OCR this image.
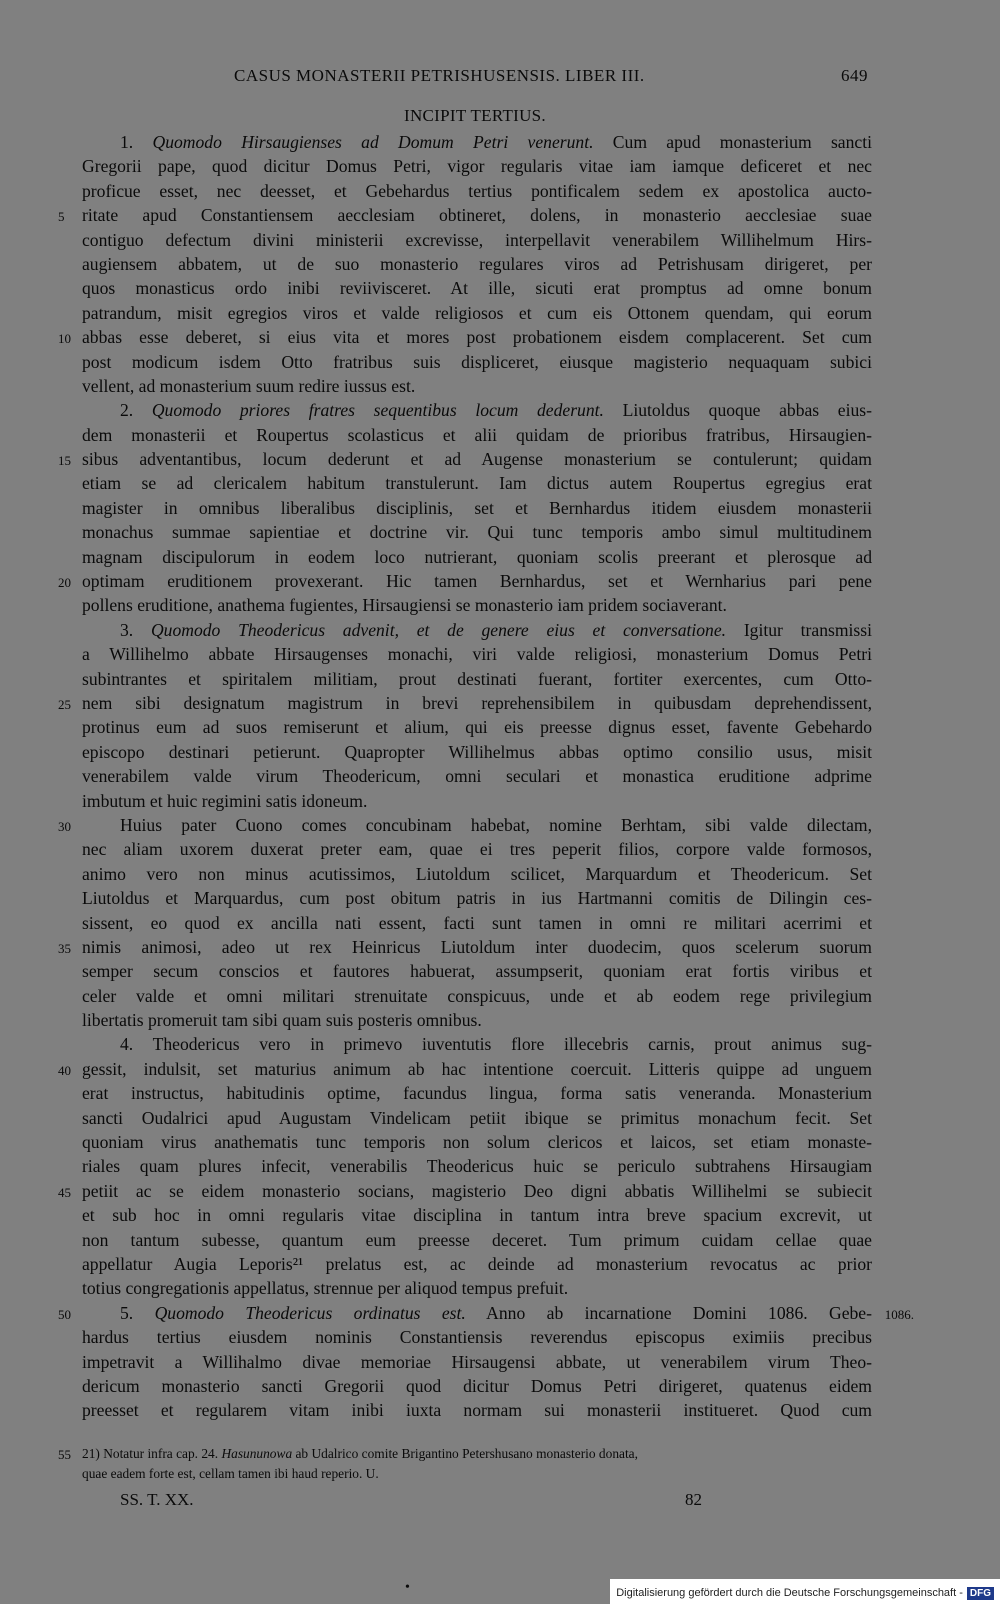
CASUS MONASTERII PETRISHUSENSIS. LIBER III.	649
INCIPIT TERTIUS.
1. Quomodo Hirsaugienses ad Domum Petri venerunt. Cum apud monasterium sancti
Gregorii pape, quod dicitur Domus Petri, vigor regularis vitae iam iamque deficeret et nec
proficue esset, nec deesset, et Gebehardus tertius pontificalem sedem ex apostolica aucto-
5 ritate apud Constantiensem aecclesiam obtineret, dolens, in monasterio aecclesiae suae
contiguo defectum divini ministerii excrevisse, interpellavit venerabilem Willihelmum Hirs-
augiensem abbatem, ut de suo monasterio regulares viros ad Petrishusam dirigeret, per
quos monasticus ordo inibi reviivisceret. At ille, sicuti erat promptus ad omne bonum
patrandum, misit egregios viros et valde religiosos et cum eis Ottonem quendam, qui eorum
10 abbas esse deberet, si eius vita et mores post probationem eisdem complacerent. Set cum
post modicum isdem Otto fratribus suis displiceret, eiusque magisterio nequaquam subici
vellent, ad monasterium suum redire iussus est.
2. Quomodo priores fratres sequentibus locum dederunt. Liutoldus quoque abbas eius-
dem monasterii et Roupertus scolasticus et alii quidam de prioribus fratribus, Hirsaugien-
15 sibus adventantibus, locum dederunt et ad Augense monasterium se contulerunt; quidam
etiam se ad clericalem habitum transtulerunt. Iam dictus autem Roupertus egregius erat
magister in omnibus liberalibus disciplinis, set et Bernhardus itidem eiusdem monasterii
monachus summae sapientiae et doctrine vir. Qui tunc temporis ambo simul multitudinem
magnam discipulorum in eodem loco nutrierant, quoniam scolis preerant et plerosque ad
20 optimam eruditionem provexerant. Hic tamen Bernhardus, set et Wernharius pari pene
pollens eruditione, anathema fugientes, Hirsaugiensi se monasterio iam pridem sociaverant.
3. Quomodo Theodericus advenit, et de genere eius et conversatione. Igitur transmissi
a Willihelmo abbate Hirsaugenses monachi, viri valde religiosi, monasterium Domus Petri
subintrantes et spiritalem militiam, prout destinati fuerant, fortiter exercentes, cum Otto-
25 nem sibi designatum magistrum in brevi reprehensibilem in quibusdam deprehendissent,
protinus eum ad suos remiserunt et alium, qui eis preesse dignus esset, favente Gebehardo
episcopo destinari petierunt. Quapropter Willihelmus abbas optimo consilio usus, misit
venerabilem valde virum Theodericum, omni seculari et monastica eruditione adprime
imbutum et huic regimini satis idoneum.
30	Huius pater Cuono comes concubinam habebat, nomine Berhtam, sibi valde dilectam,
nec aliam uxorem duxerat preter eam, quae ei tres peperit filios, corpore valde formosos,
animo vero non minus acutissimos, Liutoldum scilicet, Marquardum et Theodericum. Set
Liutoldus et Marquardus, cum post obitum patris in ius Hartmanni comitis de Dilingin ces-
sissent, eo quod ex ancilla nati essent, facti sunt tamen in omni re militari acerrimi et
35 nimis animosi, adeo ut rex Heinricus Liutoldum inter duodecim, quos scelerum suorum
semper secum conscios et fautores habuerat, assumpserit, quoniam erat fortis viribus et
celer valde et omni militari strenuitate conspicuus, unde et ab eodem rege privilegium
libertatis promeruit tam sibi quam suis posteris omnibus.
4. Theodericus vero in primevo iuventutis flore illecebris carnis, prout animus sug-
40 gessit, indulsit, set maturius animum ab hac intentione coercuit. Litteris quippe ad unguem
erat instructus, habitudinis optime, facundus lingua, forma satis veneranda. Monasterium
sancti Oudalrici apud Augustam Vindelicam petiit ibique se primitus monachum fecit. Set
quoniam virus anathematis tunc temporis non solum clericos et laicos, set etiam monaste-
riales quam plures infecit, venerabilis Theodericus huic se periculo subtrahens Hirsaugiam
45 petiit ac se eidem monasterio socians, magisterio Deo digni abbatis Willihelmi se subiecit
et sub hoc in omni regularis vitae disciplina in tantum intra breve spacium excrevit, ut
non tantum subesse, quantum eum preesse deceret. Tum primum cuidam cellae quae
appellatur Augia Leporis²¹ prelatus est, ac deinde ad monasterium revocatus ac prior
totius congregationis appellatus, strennue per aliquod tempus prefuit.
50	1086.
5. Quomodo Theodericus ordinatus est. Anno ab incarnatione Domini 1086. Gebe-
hardus tertius eiusdem nominis Constantiensis reverendus episcopus eximiis precibus
impetravit a Willihalmo divae memoriae Hirsaugensi abbate, ut venerabilem virum Theo-
dericum monasterio sancti Gregorii quod dicitur Domus Petri dirigeret, quatenus eidem
preesset et regularem vitam inibi iuxta normam sui monasterii institueret. Quod cum
55 21) Notatur infra cap. 24. Hasununowa ab Udalrico comite Brigantino Petershusano monasterio donata,
quae eadem forte est, cellam tamen ibi haud reperio. U.
SS. T. XX.	82
•	Digitalisierung gefördert durch die Deutsche Forschungsgemeinschaft - DFG
